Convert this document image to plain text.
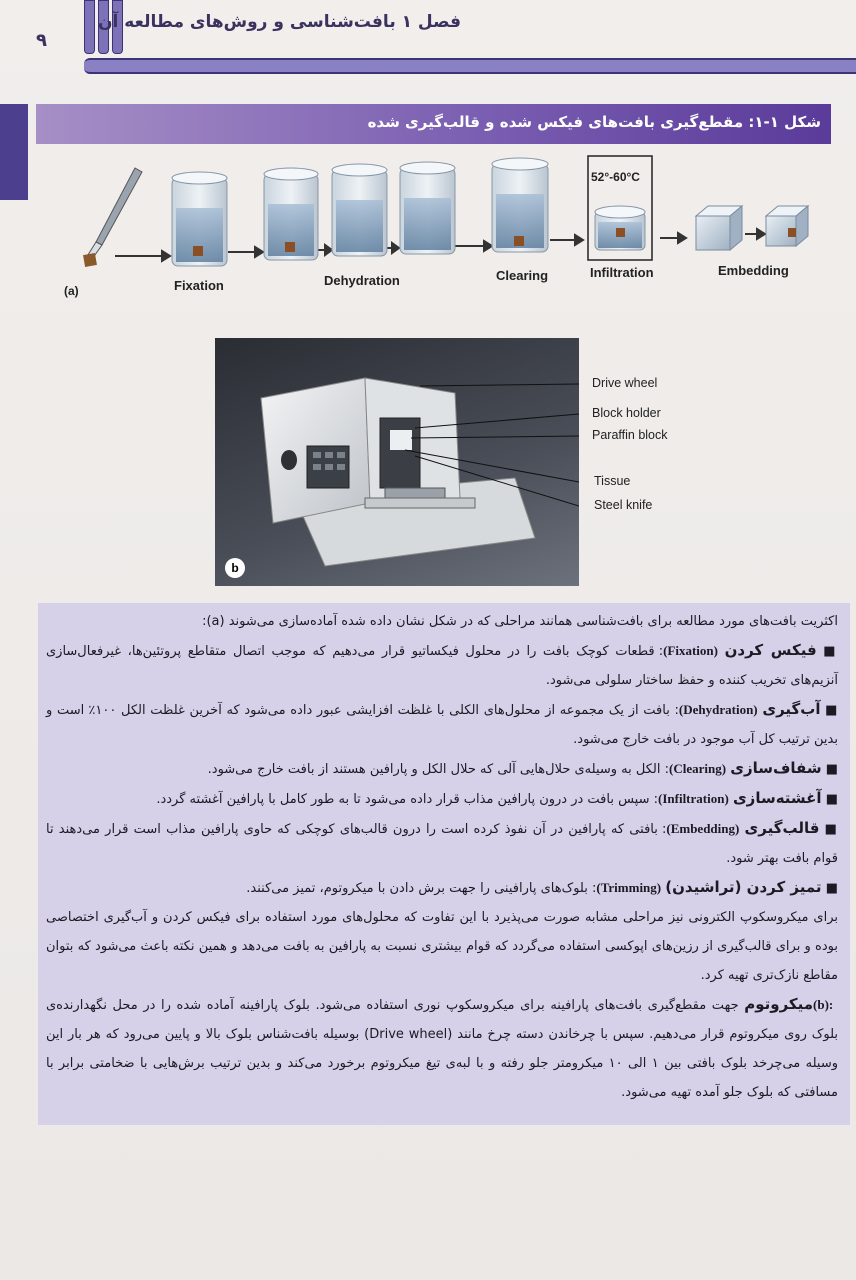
۹
فصل ۱ بافت‌شناسی و روش‌های مطالعه آن
شکل ۱-۱: مقطع‌گیری بافت‌های فیکس شده و قالب‌گیری شده
(a)	Fixation	Dehydration	Clearing	Infiltration	Embedding
52°-60°C
b
Drive wheel
Block holder
Paraffin block
Tissue
Steel knife

اکثریت بافت‌های مورد مطالعه برای بافت‌شناسی همانند مراحلی که در شکل نشان داده شده آماده‌سازی می‌شوند (a):

■ فیکس کردن (Fixation): قطعات کوچک بافت را در محلول فیکساتیو قرار می‌دهیم که موجب اتصال متقاطع پروتئین‌ها، غیرفعال‌سازی آنزیم‌های تخریب کننده و حفظ ساختار سلولی می‌شود.

■ آب‌گیری (Dehydration): بافت از یک مجموعه از محلول‌های الکلی با غلظت افزایشی عبور داده می‌شود که آخرین غلظت الکل ۱۰۰٪ است و بدین ترتیب کل آب موجود در بافت خارج می‌شود.

■ شفاف‌سازی (Clearing): الکل به وسیله‌ی حلال‌هایی آلی که حلال الکل و پارافین هستند از بافت خارج می‌شود.

■ آغشته‌سازی (Infiltration): سپس بافت در درون پارافین مذاب قرار داده می‌شود تا به طور کامل با پارافین آغشته گردد.

■ قالب‌گیری (Embedding): بافتی که پارافین در آن نفوذ کرده است را درون قالب‌های کوچکی که حاوی پارافین مذاب است قرار می‌دهند تا قوام بافت بهتر شود.

■ تمیز کردن (تراشیدن) (Trimming): بلوک‌های پارافینی را جهت برش دادن با میکروتوم، تمیز می‌کنند.

برای میکروسکوپ الکترونی نیز مراحلی مشابه صورت می‌پذیرد با این تفاوت که محلول‌های مورد استفاده برای فیکس کردن و آب‌گیری اختصاصی بوده و برای قالب‌گیری از رزین‌های اپوکسی استفاده می‌گردد که قوام بیشتری نسبت به پارافین به بافت می‌دهد و همین نکته باعث می‌شود که بتوان مقاطع نازک‌تری تهیه کرد.

(b): میکروتوم جهت مقطع‌گیری بافت‌های پارافینه برای میکروسکوپ نوری استفاده می‌شود. بلوک پارافینه آماده شده را در محل نگهدارنده‌ی بلوک روی میکروتوم قرار می‌دهیم. سپس با چرخاندن دسته چرخ مانند (Drive wheel) بوسیله بافت‌شناس بلوک بالا و پایین می‌رود که هر بار این وسیله می‌چرخد بلوک بافتی بین ۱ الی ۱۰ میکرومتر جلو رفته و با لبه‌ی تیغ میکروتوم برخورد می‌کند و بدین ترتیب برش‌هایی با ضخامتی برابر با مسافتی که بلوک جلو آمده تهیه می‌شود.
